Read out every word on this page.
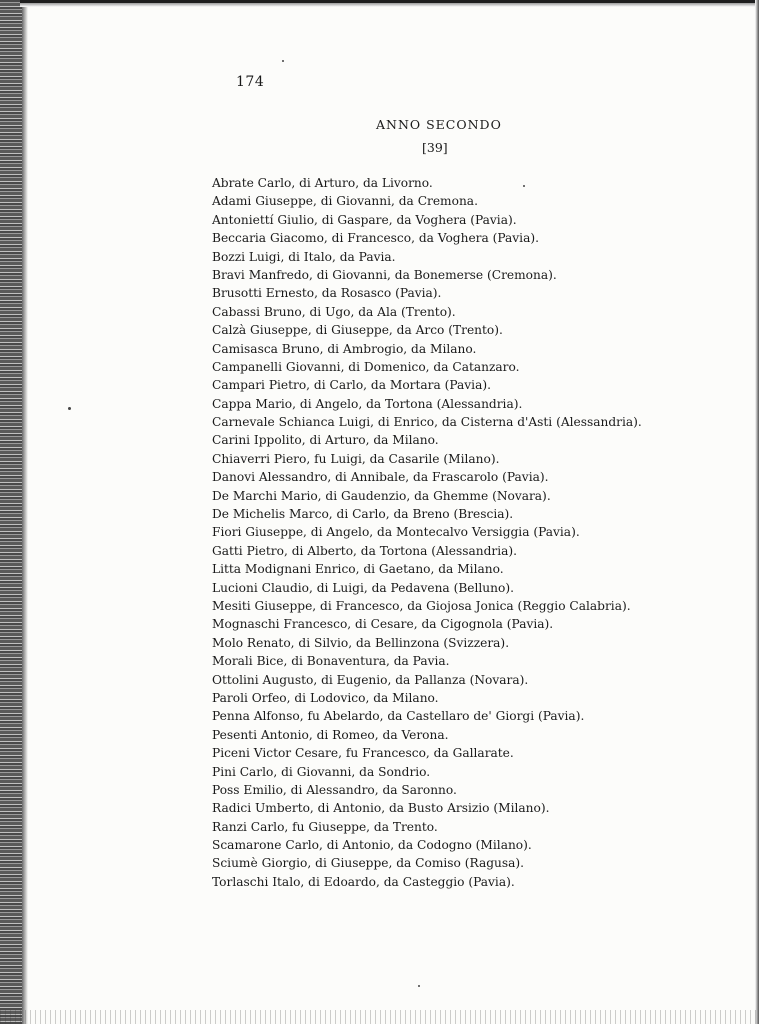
174
ANNO SECONDO
[39]
Abrate Carlo, di Arturo, da Livorno.
Adami Giuseppe, di Giovanni, da Cremona.
Antoniettí Giulio, di Gaspare, da Voghera (Pavia).
Beccaria Giacomo, di Francesco, da Voghera (Pavia).
Bozzi Luigi, di Italo, da Pavia.
Bravi Manfredo, di Giovanni, da Bonemerse (Cremona).
Brusotti Ernesto, da Rosasco (Pavia).
Cabassi Bruno, di Ugo, da Ala (Trento).
Calzà Giuseppe, di Giuseppe, da Arco (Trento).
Camisasca Bruno, di Ambrogio, da Milano.
Campanelli Giovanni, di Domenico, da Catanzaro.
Campari Pietro, di Carlo, da Mortara (Pavia).
Cappa Mario, di Angelo, da Tortona (Alessandria).
Carnevale Schianca Luigi, di Enrico, da Cisterna d'Asti (Alessandria).
Carini Ippolito, di Arturo, da Milano.
Chiaverri Piero, fu Luigi, da Casarile (Milano).
Danovi Alessandro, di Annibale, da Frascarolo (Pavia).
De Marchi Mario, di Gaudenzio, da Ghemme (Novara).
De Michelis Marco, di Carlo, da Breno (Brescia).
Fiori Giuseppe, di Angelo, da Montecalvo Versiggia (Pavia).
Gatti Pietro, di Alberto, da Tortona (Alessandria).
Litta Modignani Enrico, di Gaetano, da Milano.
Lucioni Claudio, di Luigi, da Pedavena (Belluno).
Mesiti Giuseppe, di Francesco, da Giojosa Jonica (Reggio Calabria).
Mognaschi Francesco, di Cesare, da Cigognola (Pavia).
Molo Renato, di Silvio, da Bellinzona (Svizzera).
Morali Bice, di Bonaventura, da Pavia.
Ottolini Augusto, di Eugenio, da Pallanza (Novara).
Paroli Orfeo, di Lodovico, da Milano.
Penna Alfonso, fu Abelardo, da Castellaro de' Giorgi (Pavia).
Pesenti Antonio, di Romeo, da Verona.
Piceni Victor Cesare, fu Francesco, da Gallarate.
Pini Carlo, di Giovanni, da Sondrio.
Poss Emilio, di Alessandro, da Saronno.
Radici Umberto, di Antonio, da Busto Arsizio (Milano).
Ranzi Carlo, fu Giuseppe, da Trento.
Scamarone Carlo, di Antonio, da Codogno (Milano).
Sciumè Giorgio, di Giuseppe, da Comiso (Ragusa).
Torlaschi Italo, di Edoardo, da Casteggio (Pavia).
